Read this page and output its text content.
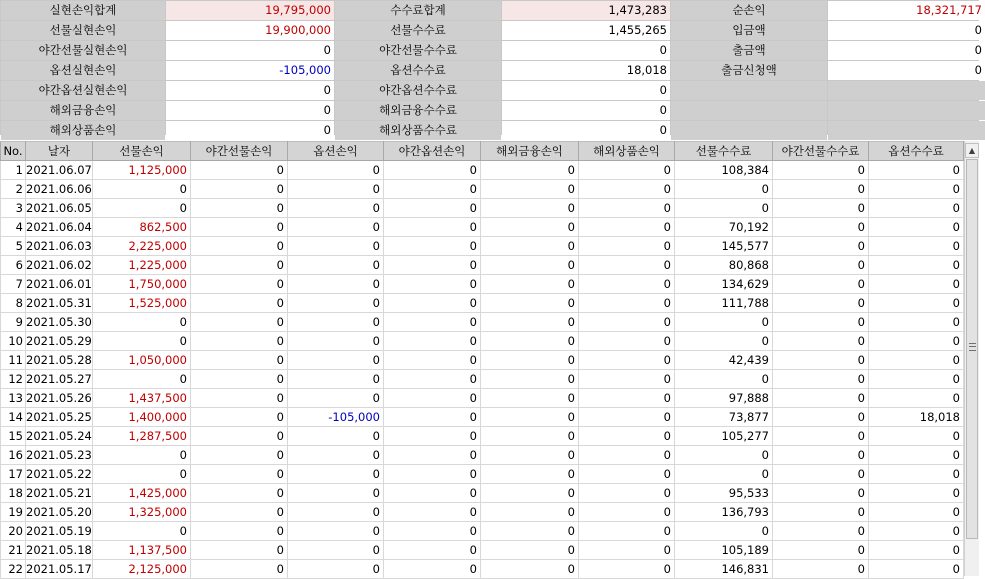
실현손익합계	19,795,000	수수료합계	1,473,283	순손익	18,321,717
선물실현손익	19,900,000	선물수수료	1,455,265	입금액	0
야간선물실현손익	0	야간선물수수료	0	출금액	0
옵션실현손익	-105,000	옵션수수료	18,018	출금신청액	0
야간옵션실현손익	0	야간옵션수수료	0
해외금융손익	0	해외금융수수료	0
해외상품손익	0	해외상품수수료	0
No.	날자	선물손익	야간선물손익	옵션손익	야간옵션손익	해외금융손익	해외상품손익	선물수수료	야간선물수수료	옵션수수료
1	2021.06.07	1,125,000	0	0	0	0	0	108,384	0	0
2	2021.06.06	0	0	0	0	0	0	0	0	0
3	2021.06.05	0	0	0	0	0	0	0	0	0
4	2021.06.04	862,500	0	0	0	0	0	70,192	0	0
5	2021.06.03	2,225,000	0	0	0	0	0	145,577	0	0
6	2021.06.02	1,225,000	0	0	0	0	0	80,868	0	0
7	2021.06.01	1,750,000	0	0	0	0	0	134,629	0	0
8	2021.05.31	1,525,000	0	0	0	0	0	111,788	0	0
9	2021.05.30	0	0	0	0	0	0	0	0	0
10	2021.05.29	0	0	0	0	0	0	0	0	0
11	2021.05.28	1,050,000	0	0	0	0	0	42,439	0	0
12	2021.05.27	0	0	0	0	0	0	0	0	0
13	2021.05.26	1,437,500	0	0	0	0	0	97,888	0	0
14	2021.05.25	1,400,000	0	-105,000	0	0	0	73,877	0	18,018
15	2021.05.24	1,287,500	0	0	0	0	0	105,277	0	0
16	2021.05.23	0	0	0	0	0	0	0	0	0
17	2021.05.22	0	0	0	0	0	0	0	0	0
18	2021.05.21	1,425,000	0	0	0	0	0	95,533	0	0
19	2021.05.20	1,325,000	0	0	0	0	0	136,793	0	0
20	2021.05.19	0	0	0	0	0	0	0	0	0
21	2021.05.18	1,137,500	0	0	0	0	0	105,189	0	0
22	2021.05.17	2,125,000	0	0	0	0	0	146,831	0	0
▲
